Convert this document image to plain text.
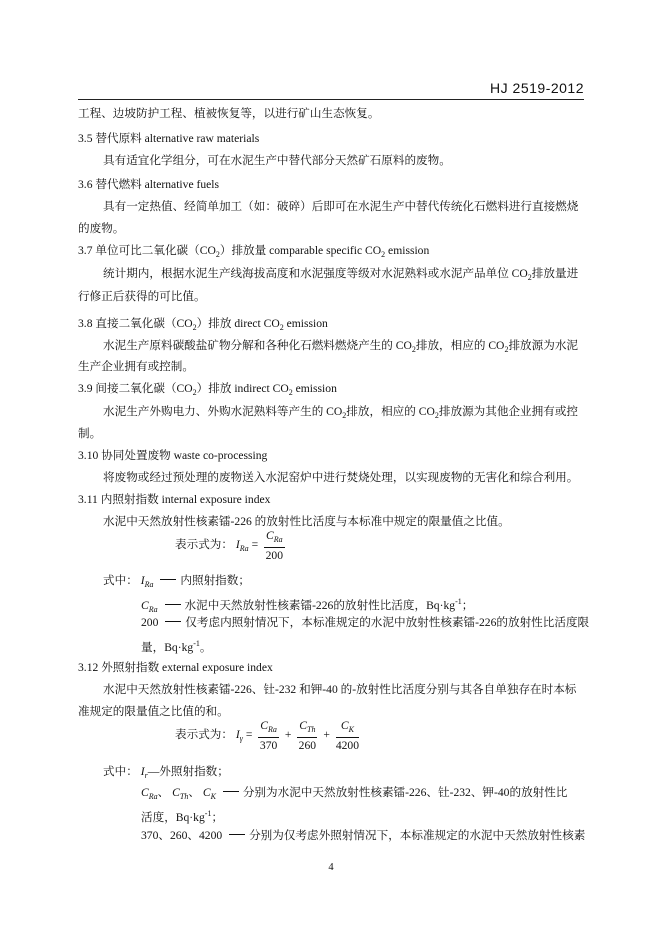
HJ 2519-2012
工程、边坡防护工程、植被恢复等，以进行矿山生态恢复。
3.5 替代原料 alternative raw materials
具有适宜化学组分，可在水泥生产中替代部分天然矿石原料的废物。
3.6 替代燃料 alternative fuels
具有一定热值、经简单加工（如：破碎）后即可在水泥生产中替代传统化石燃料进行直接燃烧
的废物。
3.7 单位可比二氧化碳$(CO_2)$排放量 comparable specific $CO_2$ emission
统计期内，根据水泥生产线海拔高度和水泥强度等级对水泥熟料或水泥产品单位 $CO_2$排放量进
行修正后获得的可比值。
3.8 直接二氧化碳$(CO_2)$排放 direct $CO_2$ emission
水泥生产原料碳酸盐矿物分解和各种化石燃料燃烧产生的 $CO_2$排放，相应的 $CO_2$排放源为水泥
生产企业拥有或控制。
3.9 间接二氧化碳$(CO_2)$排放 indirect $CO_2$ emission
水泥生产外购电力、外购水泥熟料等产生的 $CO_2$排放，相应的 $CO_2$排放源为其他企业拥有或控
制。
3.10 协同处置废物 waste co-processing
将废物或经过预处理的废物送入水泥窑炉中进行焚烧处理，以实现废物的无害化和综合利用。
3.11 内照射指数 internal exposure index
水泥中天然放射性核素镭-226 的放射性比活度与本标准中规定的限量值之比值。
表示式为： $I_{Ra} = \frac{C_{Ra}}{200}$
式中： $I_{Ra}$ 内照射指数；
$C_{Ra}$ 水泥中天然放射性核素镭-226的放射性比活度，$Bq\cdot kg^{-1}$；
200 仅考虑内照射情况下，本标准规定的水泥中放射性核素镭-226的放射性比活度限
量，$Bq\cdot kg^{-1}$。
3.12 外照射指数 external exposure index
水泥中天然放射性核素镭-226、钍-232 和钾-40 的-放射性比活度分别与其各自单独存在时本标
准规定的限量值之比值的和。
表示式为： $I_\gamma = \frac{C_{Ra}}{370} + \frac{C_{Th}}{260} + \frac{C_K}{4200}$
式中： $I_r—$外照射指数；
$C_{Ra}$、 $C_{Th}$、 $C_K$ 分别为水泥中天然放射性核素镭-226、钍-232、钾-40的放射性比
活度，$Bq\cdot kg^{-1}$；
370、260、4200 分别为仅考虑外照射情况下，本标准规定的水泥中天然放射性核素
4
